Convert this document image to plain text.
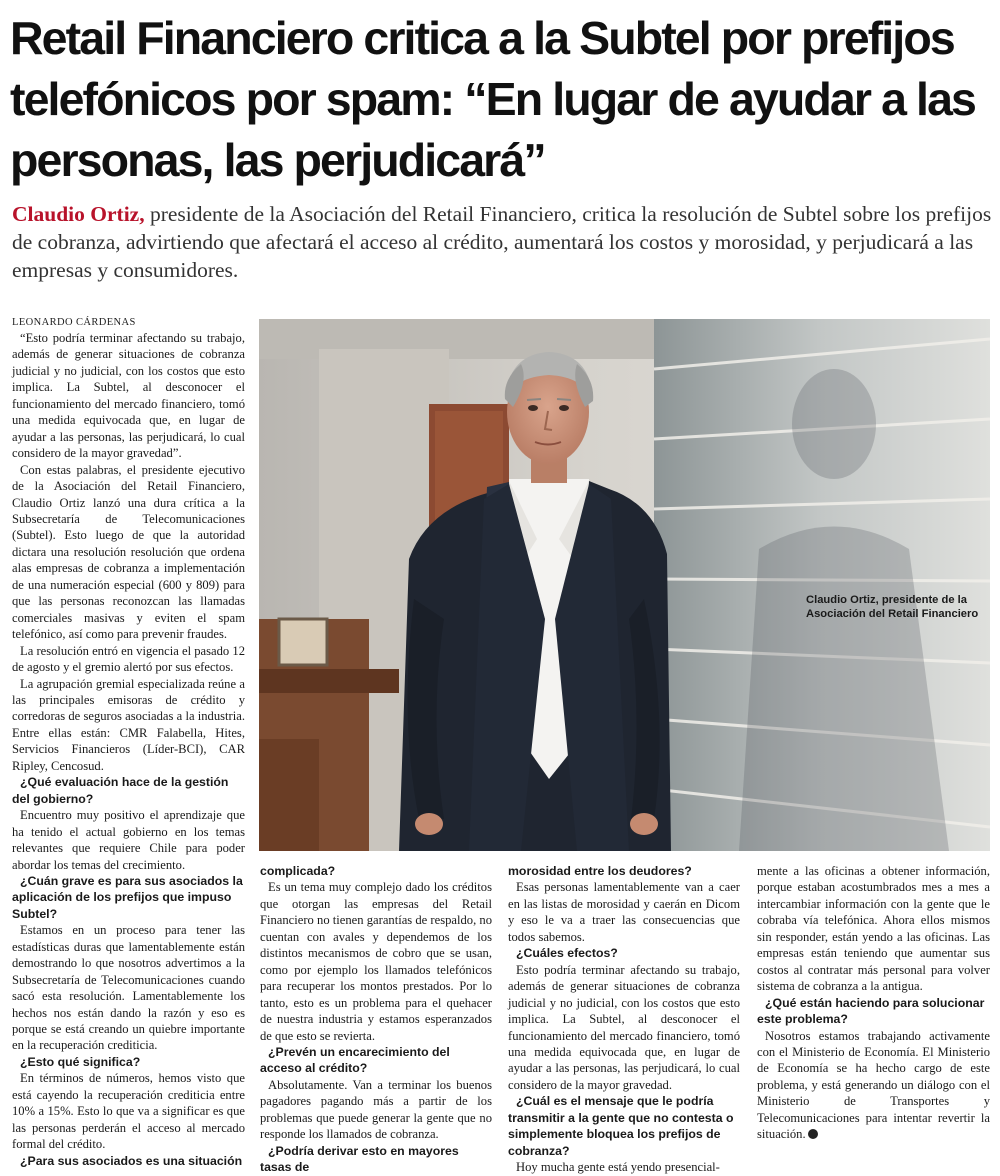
Retail Financiero critica a la Subtel por prefijos telefónicos por spam: “En lugar de ayudar a las personas, las perjudicará”

Claudio Ortiz, presidente de la Asociación del Retail Financiero, critica la resolución de Subtel sobre los prefijos de cobranza, advirtiendo que afectará el acceso al crédito, aumentará los costos y morosidad, y perjudicará a las empresas y consumidores.

LEONARDO CÁRDENAS

“Esto podría terminar afectando su trabajo, además de generar situaciones de cobranza judicial y no judicial, con los costos que esto implica. La Subtel, al desconocer el funcionamiento del mercado financiero, tomó una medida equivocada que, en lugar de ayudar a las personas, las perjudicará, lo cual considero de la mayor gravedad”.

Con estas palabras, el presidente ejecutivo de la Asociación del Retail Financiero, Claudio Ortiz lanzó una dura crítica a la Subsecretaría de Telecomunicaciones (Subtel). Esto luego de que la autoridad dictara una resolución resolución que ordena alas empresas de cobranza a implementación de una numeración especial (600 y 809) para que las personas reconozcan las llamadas comerciales masivas y eviten el spam telefónico, así como para prevenir fraudes.

La resolución entró en vigencia el pasado 12 de agosto y el gremio alertó por sus efectos.

La agrupación gremial especializada reúne a las principales emisoras de crédito y corredoras de seguros asociadas a la industria. Entre ellas están: CMR Falabella, Hites, Servicios Financieros (Líder-BCI), CAR Ripley, Cencosud.

¿Qué evaluación hace de la gestión del gobierno?

Encuentro muy positivo el aprendizaje que ha tenido el actual gobierno en los temas relevantes que requiere Chile para poder abordar los temas del crecimiento.

¿Cuán grave es para sus asociados la aplicación de los prefijos que impuso Subtel?

Estamos en un proceso para tener las estadísticas duras que lamentablemente están demostrando lo que nosotros advertimos a la Subsecretaría de Telecomunicaciones cuando sacó esta resolución. Lamentablemente los hechos nos están dando la razón y eso es porque se está creando un quiebre importante en la recuperación crediticia.

¿Esto qué significa?

En términos de números, hemos visto que está cayendo la recuperación crediticia entre 10% a 15%. Esto lo que va a significar es que las personas perderán el acceso al mercado formal del crédito.

¿Para sus asociados es una situación

Claudio Ortiz, presidente de la Asociación del Retail Financiero

complicada?

Es un tema muy complejo dado los créditos que otorgan las empresas del Retail Financiero no tienen garantías de respaldo, no cuentan con avales y dependemos de los distintos mecanismos de cobro que se usan, como por ejemplo los llamados telefónicos para recuperar los montos prestados. Por lo tanto, esto es un problema para el quehacer de nuestra industria y estamos esperanzados de que esto se revierta.

¿Prevén un encarecimiento del acceso al crédito?

Absolutamente. Van a terminar los buenos pagadores pagando más a partir de los problemas que puede generar la gente que no responde los llamados de cobranza.

¿Podría derivar esto en mayores tasas de

morosidad entre los deudores?

Esas personas lamentablemente van a caer en las listas de morosidad y caerán en Dicom y eso le va a traer las consecuencias que todos sabemos.

¿Cuáles efectos?

Esto podría terminar afectando su trabajo, además de generar situaciones de cobranza judicial y no judicial, con los costos que esto implica. La Subtel, al desconocer el funcionamiento del mercado financiero, tomó una medida equivocada que, en lugar de ayudar a las personas, las perjudicará, lo cual considero de la mayor gravedad.

¿Cuál es el mensaje que le podría transmitir a la gente que no contesta o simplemente bloquea los prefijos de cobranza?

Hoy mucha gente está yendo presencial-

mente a las oficinas a obtener información, porque estaban acostumbrados mes a mes a intercambiar información con la gente que le cobraba vía telefónica. Ahora ellos mismos sin responder, están yendo a las oficinas. Las empresas están teniendo que aumentar sus costos al contratar más personal para volver sistema de cobranza a la antigua.

¿Qué están haciendo para solucionar este problema?

Nosotros estamos trabajando activamente con el Ministerio de Economía. El Ministerio de Economía se ha hecho cargo de este problema, y está generando un diálogo con el Ministerio de Transportes y Telecomunicaciones para intentar revertir la situación.
